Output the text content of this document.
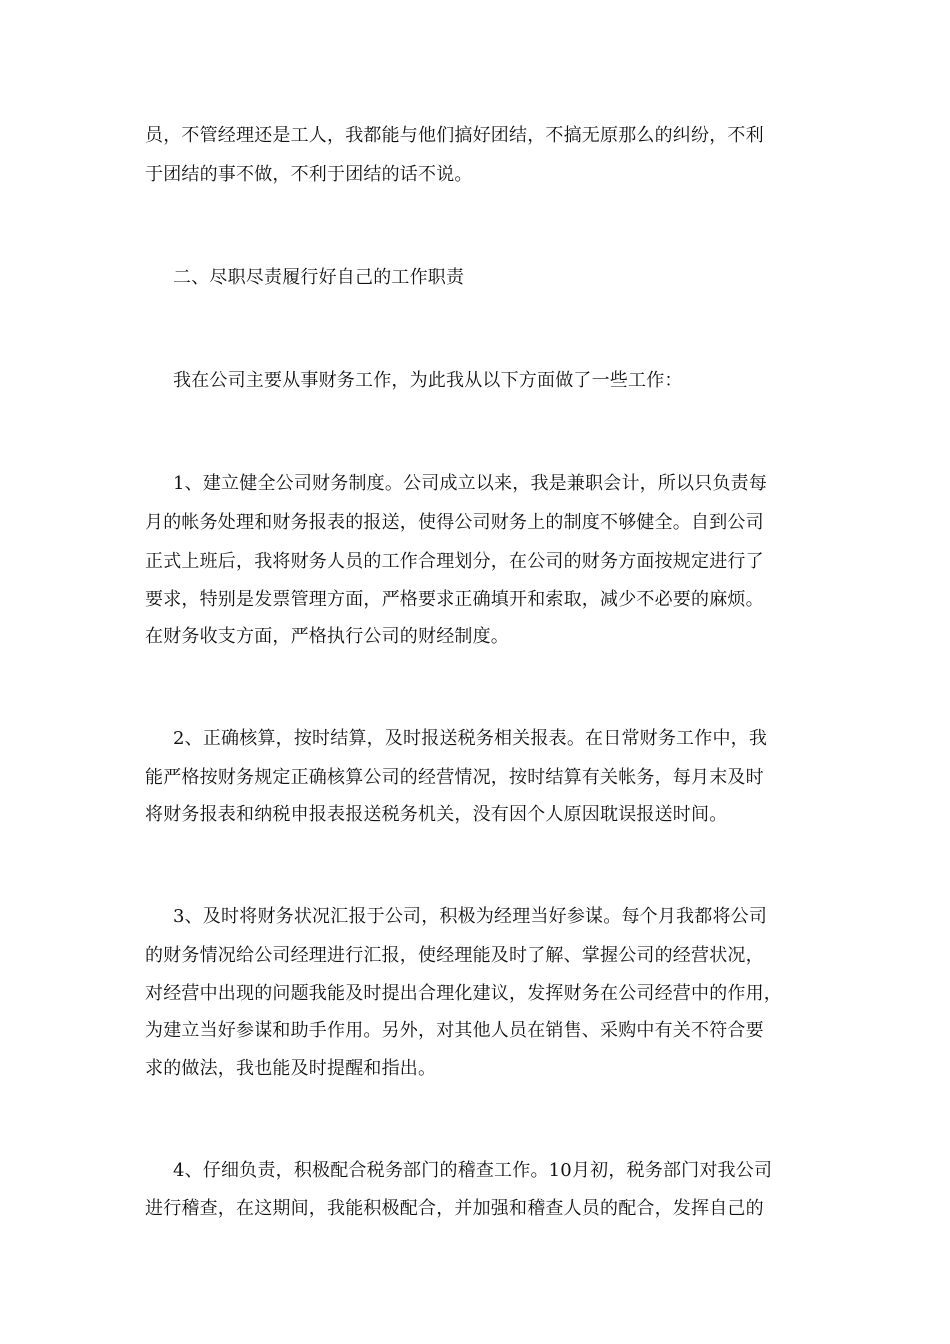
员，不管经理还是工人，我都能与他们搞好团结，不搞无原那么的纠纷，不利
于团结的事不做，不利于团结的话不说。
二、尽职尽责履行好自己的工作职责
我在公司主要从事财务工作，为此我从以下方面做了一些工作：
1、建立健全公司财务制度。公司成立以来，我是兼职会计，所以只负责每
月的帐务处理和财务报表的报送，使得公司财务上的制度不够健全。自到公司
正式上班后，我将财务人员的工作合理划分，在公司的财务方面按规定进行了
要求，特别是发票管理方面，严格要求正确填开和索取，减少不必要的麻烦。
在财务收支方面，严格执行公司的财经制度。
2、正确核算，按时结算，及时报送税务相关报表。在日常财务工作中，我
能严格按财务规定正确核算公司的经营情况，按时结算有关帐务，每月末及时
将财务报表和纳税申报表报送税务机关，没有因个人原因耽误报送时间。
3、及时将财务状况汇报于公司，积极为经理当好参谋。每个月我都将公司
的财务情况给公司经理进行汇报，使经理能及时了解、掌握公司的经营状况，
对经营中出现的问题我能及时提出合理化建议，发挥财务在公司经营中的作用，
为建立当好参谋和助手作用。另外，对其他人员在销售、采购中有关不符合要
求的做法，我也能及时提醒和指出。
4、仔细负责，积极配合税务部门的稽查工作。10月初，税务部门对我公司
进行稽查，在这期间，我能积极配合，并加强和稽查人员的配合，发挥自己的
